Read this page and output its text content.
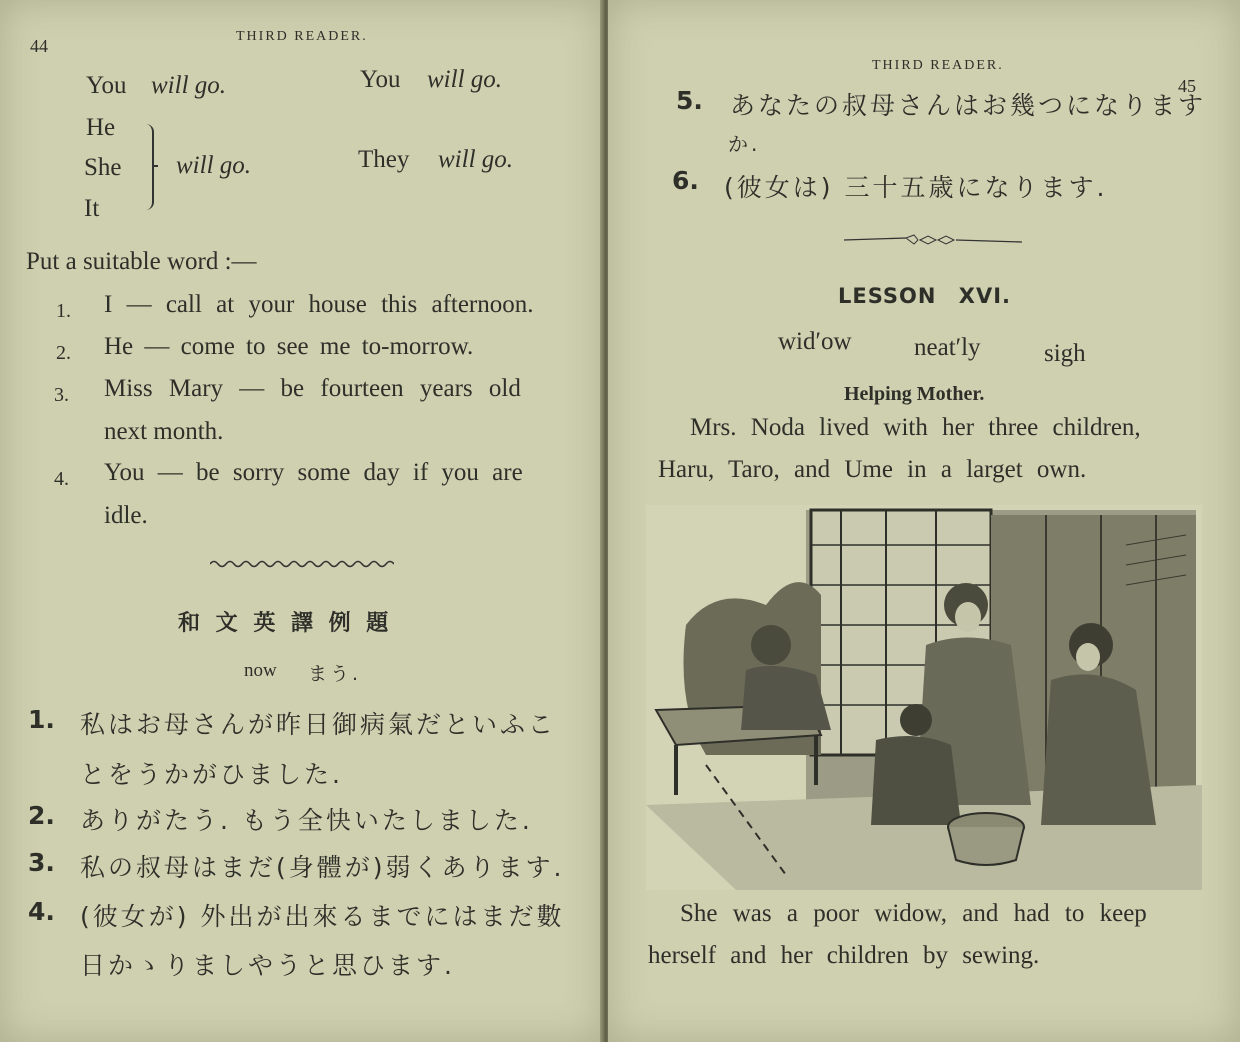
44	THIRD READER.
You will go.	You will go.
He
She
It
will go.	They will go.
Put a suitable word :—
1. I — call at your house this afternoon.
2. He — come to see me to-morrow.
3. Miss Mary — be fourteen years old
next month.
4. You — be sorry some day if you are
idle.
和 文 英 譯 例 題
now まう.
1. 私はお母さんが昨日御病氣だといふこ
とをうかがひました.
2. ありがたう. もう全快いたしました.
3. 私の叔母はまだ(身體が)弱くあります.
4. (彼女が) 外出が出來るまでにはまだ數
日かゝりましやうと思ひます.
THIRD READER.
45
5. あなたの叔母さんはお幾つになります
か.
6. (彼女は) 三十五歳になります.
LESSON XVI.
wid′ow neat′ly	sigh
Helping Mother.
Mrs. Noda lived with her three children,
Haru, Taro, and Ume in a larget own.
She was a poor widow, and had to keep
herself and her children by sewing.
